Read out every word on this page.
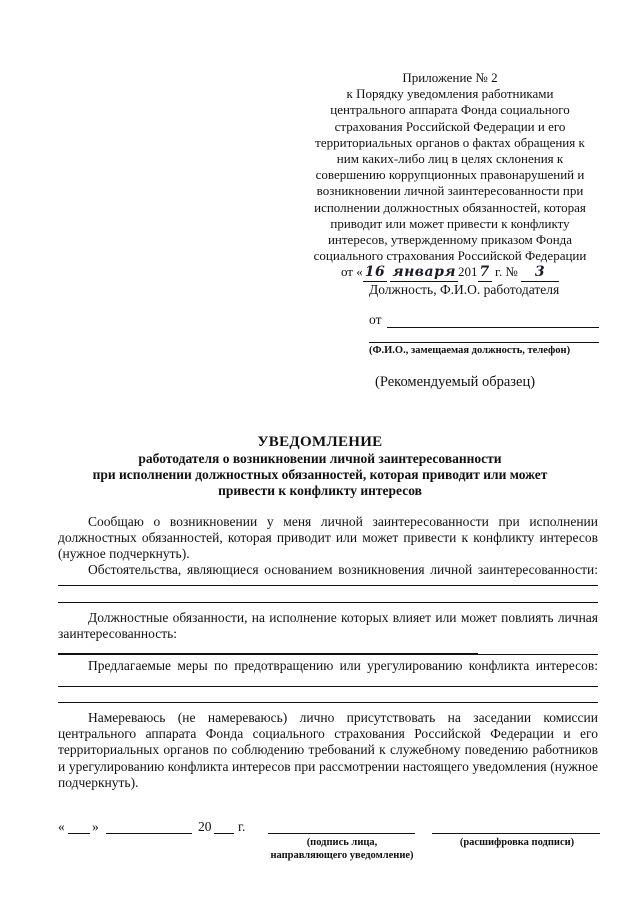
Приложение № 2
к Порядку уведомления работниками
центрального аппарата Фонда социального
страхования Российской Федерации и его
территориальных органов о фактах обращения к
ним каких-либо лиц в целях склонения к
совершению коррупционных правонарушений и
возникновении личной заинтересованности при
исполнении должностных обязанностей, которая
приводит или может привести к конфликту
интересов, утвержденному приказом Фонда
социального страхования Российской Федерации
от « 16 января 201 7 г. № 3
Должность, Ф.И.О. работодателя
от
(Ф.И.О., замещаемая должность, телефон)
(Рекомендуемый образец)
УВЕДОМЛЕНИЕ
работодателя о возникновении личной заинтересованности
при исполнении должностных обязанностей, которая приводит или может
привести к конфликту интересов
Сообщаю о возникновении у меня личной заинтересованности при исполнении должностных обязанностей, которая приводит или может привести к конфликту интересов (нужное подчеркнуть).
Обстоятельства, являющиеся основанием возникновения личной заинтересованности:
Должностные обязанности, на исполнение которых влияет или может повлиять личная
заинтересованность:
Предлагаемые меры по предотвращению или урегулированию конфликта интересов:
Намереваюсь (не намереваюсь) лично присутствовать на заседании комиссии центрального аппарата Фонда социального страхования Российской Федерации и его территориальных органов по соблюдению требований к служебному поведению работников и урегулированию конфликта интересов при рассмотрении настоящего уведомления (нужное подчеркнуть).
« »	20 г.
(подпись лица,
направляющего уведомление)
(расшифровка подписи)
